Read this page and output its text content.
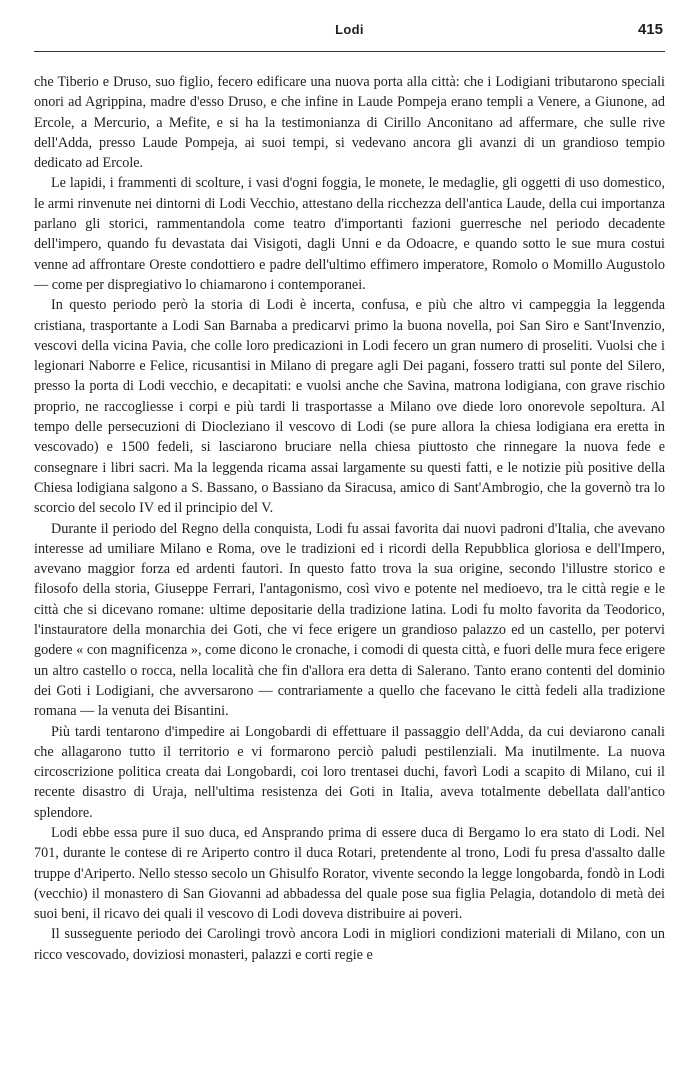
Lodi	415

che Tiberio e Druso, suo figlio, fecero edificare una nuova porta alla città: che i Lodigiani tributarono speciali onori ad Agrippina, madre d'esso Druso, e che infine in Laude Pompeja erano templi a Venere, a Giunone, ad Ercole, a Mercurio, a Mefite, e si ha la testimonianza di Cirillo Anconitano ad affermare, che sulle rive dell'Adda, presso Laude Pompeja, ai suoi tempi, si vedevano ancora gli avanzi di un grandioso tempio dedicato ad Ercole.

Le lapidi, i frammenti di scolture, i vasi d'ogni foggia, le monete, le medaglie, gli oggetti di uso domestico, le armi rinvenute nei dintorni di Lodi Vecchio, attestano della ricchezza dell'antica Laude, della cui importanza parlano gli storici, rammentandola come teatro d'importanti fazioni guerresche nel periodo decadente dell'impero, quando fu devastata dai Visigoti, dagli Unni e da Odoacre, e quando sotto le sue mura costui venne ad affrontare Oreste condottiero e padre dell'ultimo effimero imperatore, Romolo o Momillo Augustolo — come per dispregiativo lo chiamarono i contemporanei.

In questo periodo però la storia di Lodi è incerta, confusa, e più che altro vi campeggia la leggenda cristiana, trasportante a Lodi San Barnaba a predicarvi primo la buona novella, poi San Siro e Sant'Invenzio, vescovi della vicina Pavia, che colle loro predicazioni in Lodi fecero un gran numero di proseliti. Vuolsi che i legionari Naborre e Felice, ricusantisi in Milano di pregare agli Dei pagani, fossero tratti sul ponte del Silero, presso la porta di Lodi vecchio, e decapitati: e vuolsi anche che Savina, matrona lodigiana, con grave rischio proprio, ne raccogliesse i corpi e più tardi li trasportasse a Milano ove diede loro onorevole sepoltura. Al tempo delle persecuzioni di Diocleziano il vescovo di Lodi (se pure allora la chiesa lodigiana era eretta in vescovado) e 1500 fedeli, si lasciarono bruciare nella chiesa piuttosto che rinnegare la nuova fede e consegnare i libri sacri. Ma la leggenda ricama assai largamente su questi fatti, e le notizie più positive della Chiesa lodigiana salgono a S. Bassano, o Bassiano da Siracusa, amico di Sant'Ambrogio, che la governò tra lo scorcio del secolo IV ed il principio del V.

Durante il periodo del Regno della conquista, Lodi fu assai favorita dai nuovi padroni d'Italia, che avevano interesse ad umiliare Milano e Roma, ove le tradizioni ed i ricordi della Repubblica gloriosa e dell'Impero, avevano maggior forza ed ardenti fautori. In questo fatto trova la sua origine, secondo l'illustre storico e filosofo della storia, Giuseppe Ferrari, l'antagonismo, così vivo e potente nel medioevo, tra le città regie e le città che si dicevano romane: ultime depositarie della tradizione latina. Lodi fu molto favorita da Teodorico, l'instauratore della monarchia dei Goti, che vi fece erigere un grandioso palazzo ed un castello, per potervi godere « con magnificenza », come dicono le cronache, i comodi di questa città, e fuori delle mura fece erigere un altro castello o rocca, nella località che fin d'allora era detta di Salerano. Tanto erano contenti del dominio dei Goti i Lodigiani, che avversarono — contrariamente a quello che facevano le città fedeli alla tradizione romana — la venuta dei Bisantini.

Più tardi tentarono d'impedire ai Longobardi di effettuare il passaggio dell'Adda, da cui deviarono canali che allagarono tutto il territorio e vi formarono perciò paludi pestilenziali. Ma inutilmente. La nuova circoscrizione politica creata dai Longobardi, coi loro trentasei duchi, favorì Lodi a scapito di Milano, cui il recente disastro di Uraja, nell'ultima resistenza dei Goti in Italia, aveva totalmente debellata dall'antico splendore.

Lodi ebbe essa pure il suo duca, ed Ansprando prima di essere duca di Bergamo lo era stato di Lodi. Nel 701, durante le contese di re Ariperto contro il duca Rotari, pretendente al trono, Lodi fu presa d'assalto dalle truppe d'Ariperto. Nello stesso secolo un Ghisulfo Rorator, vivente secondo la legge longobarda, fondò in Lodi (vecchio) il monastero di San Giovanni ad abbadessa del quale pose sua figlia Pelagia, dotandolo di metà dei suoi beni, il ricavo dei quali il vescovo di Lodi doveva distribuire ai poveri.

Il susseguente periodo dei Carolingi trovò ancora Lodi in migliori condizioni materiali di Milano, con un ricco vescovado, doviziosi monasteri, palazzi e corti regie e
